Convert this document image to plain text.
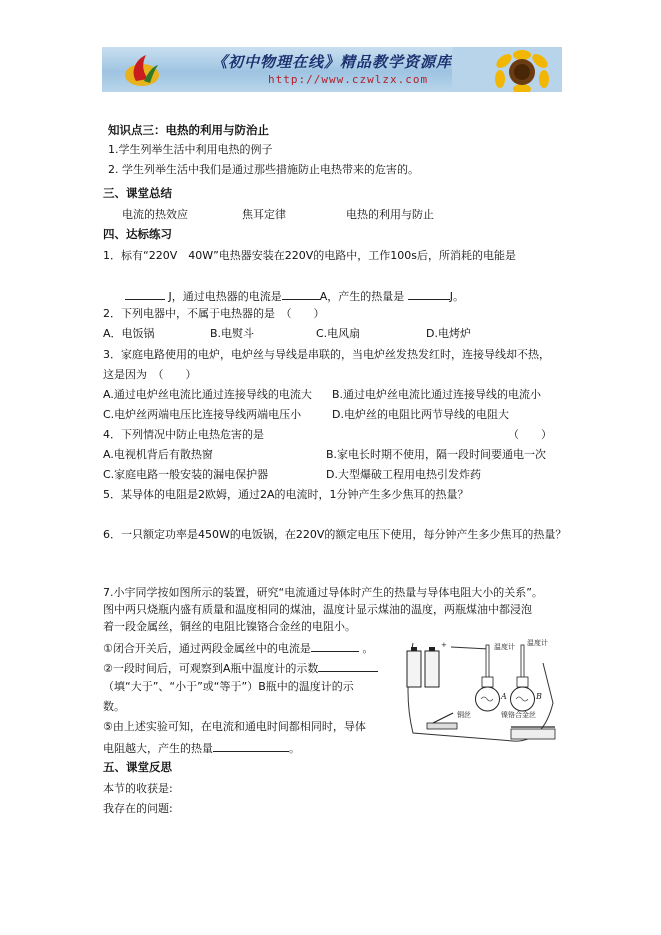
《初中物理在线》精品教学资源库
http://www.czwlzx.com
知识点三：电热的利用与防治止
1.学生列举生活中利用电热的例子
2. 学生列举生活中我们是通过那些措施防止电热带来的危害的。
三、课堂总结
电流的热效应	焦耳定律	电热的利用与防止
四、达标练习
1．标有“220V　40W”电热器安装在220V的电路中，工作100s后，所消耗的电能是
J，通过电热器的电流是	A，产生的热量是	J。
2．下列电器中，不属于电热器的是　（　　）
A．电饭锅	B.电熨斗	C.电风扇	D.电烤炉
3．家庭电路使用的电炉，电炉丝与导线是串联的，当电炉丝发热发红时，连接导线却不热，
这是因为　（　　）
A.通过电炉丝电流比通过连接导线的电流大 B.通过电炉丝电流比通过连接导线的电流小
C.电炉丝两端电压比连接导线两端电压小	D.电炉丝的电阻比两节导线的电阻大
4．下列情况中防止电热危害的是	（　　）
A.电视机背后有散热窗	B.家电长时期不使用，隔一段时间要通电一次
C.家庭电路一般安装的漏电保护器	D.大型爆破工程用电热引发炸药
5．某导体的电阻是2欧姆，通过2A的电流时，1分钟产生多少焦耳的热量？
6．一只额定功率是450W的电饭锅，在220V的额定电压下使用，每分钟产生多少焦耳的热量？
7.小宇同学按如图所示的装置，研究“电流通过导体时产生的热量与导体电阻大小的关系”。
图中两只烧瓶内盛有质量和温度相同的煤油，温度计显示煤油的温度，两瓶煤油中都浸泡
着一段金属丝，铜丝的电阻比镍铬合金丝的电阻小。
①闭合开关后，通过两段金属丝中的电流是	。
②一段时间后，可观察到A瓶中温度计的示数
（填“大于”、“小于”或“等于”）B瓶中的温度计的示
数。
⑤由上述实验可知，在电流和通电时间都相同时，导体
电阻越大，产生的热量	。
+	温度计 温度计
铜丝	镍铬合金丝
A	B
五、课堂反思
本节的收获是:
我存在的问题:
